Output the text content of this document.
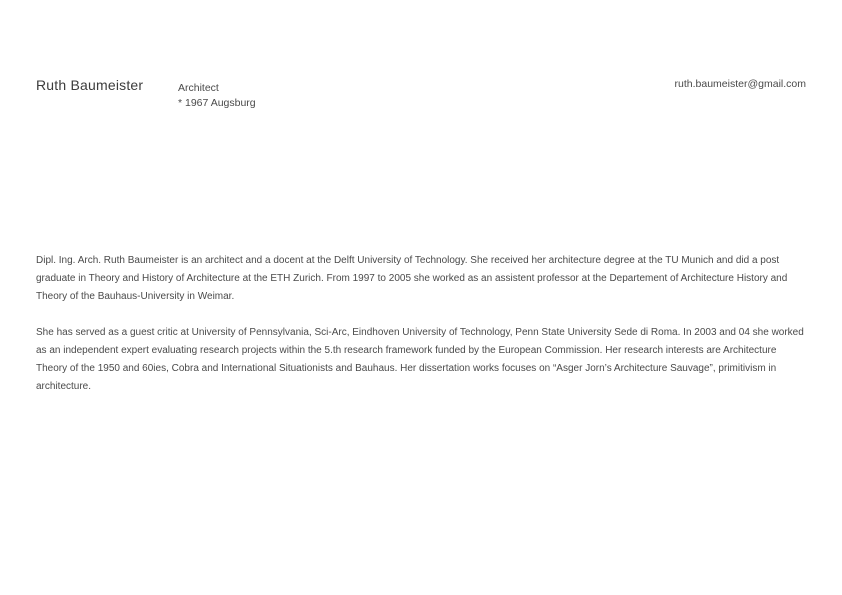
Ruth Baumeister	Architect
* 1967 Augsburg
ruth.baumeister@gmail.com

Dipl. Ing. Arch. Ruth Baumeister is an architect and a docent at the Delft University of Technology. She received her architecture degree at the TU Munich and did a post graduate in Theory and History of Architecture at the ETH Zurich. From 1997 to 2005 she worked as an assistent professor at the Departement of Architecture History and Theory of the Bauhaus-University in Weimar.

She has served as a guest critic at University of Pennsylvania, Sci-Arc, Eindhoven University of Technology, Penn State University Sede di Roma. In 2003 and 04 she worked as an independent expert evaluating research projects within the 5.th research framework funded by the European Commission. Her research interests are Architecture Theory of the 1950 and 60ies, Cobra and International Situationists and Bauhaus. Her dissertation works focuses on “Asger Jorn’s Architecture Sauvage”, primitivism in architecture.
